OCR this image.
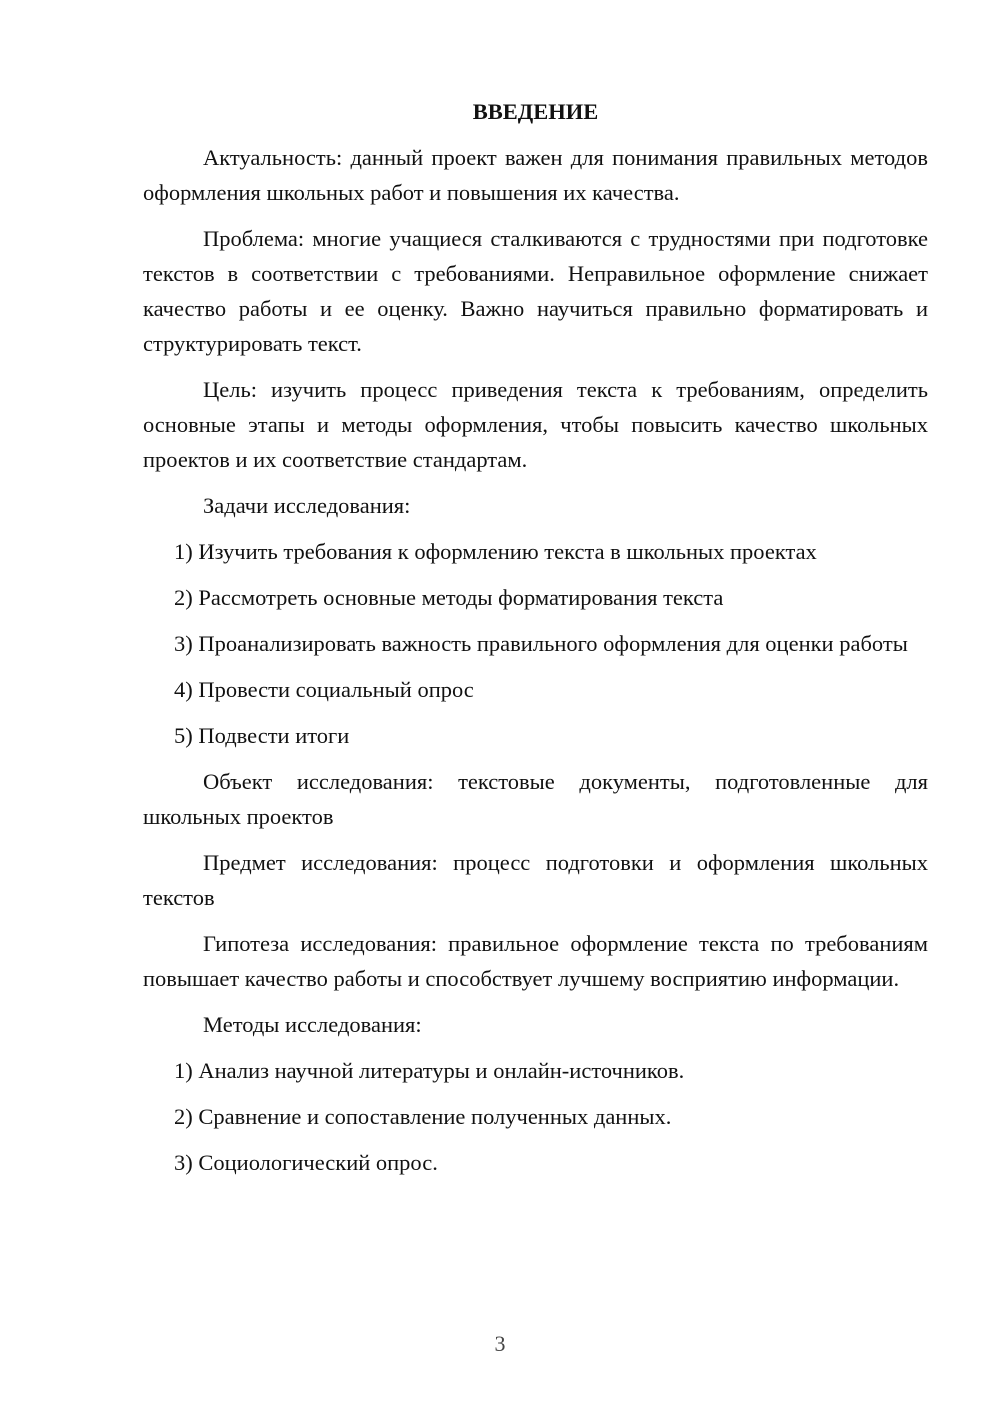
ВВЕДЕНИЕ

Актуальность: данный проект важен для понимания правильных методов оформления школьных работ и повышения их качества.

Проблема: многие учащиеся сталкиваются с трудностями при подготовке текстов в соответствии с требованиями. Неправильное оформление снижает качество работы и ее оценку. Важно научиться правильно форматировать и структурировать текст.

Цель: изучить процесс приведения текста к требованиям, определить основные этапы и методы оформления, чтобы повысить качество школьных проектов и их соответствие стандартам.

Задачи исследования:

1) Изучить требования к оформлению текста в школьных проектах

2) Рассмотреть основные методы форматирования текста

3) Проанализировать важность правильного оформления для оценки работы

4) Провести социальный опрос

5) Подвести итоги

Объект исследования: текстовые документы, подготовленные для школьных проектов

Предмет исследования: процесс подготовки и оформления школьных текстов

Гипотеза исследования: правильное оформление текста по требованиям повышает качество работы и способствует лучшему восприятию информации.

Методы исследования:

1) Анализ научной литературы и онлайн-источников.

2) Сравнение и сопоставление полученных данных.

3) Социологический опрос.

3
